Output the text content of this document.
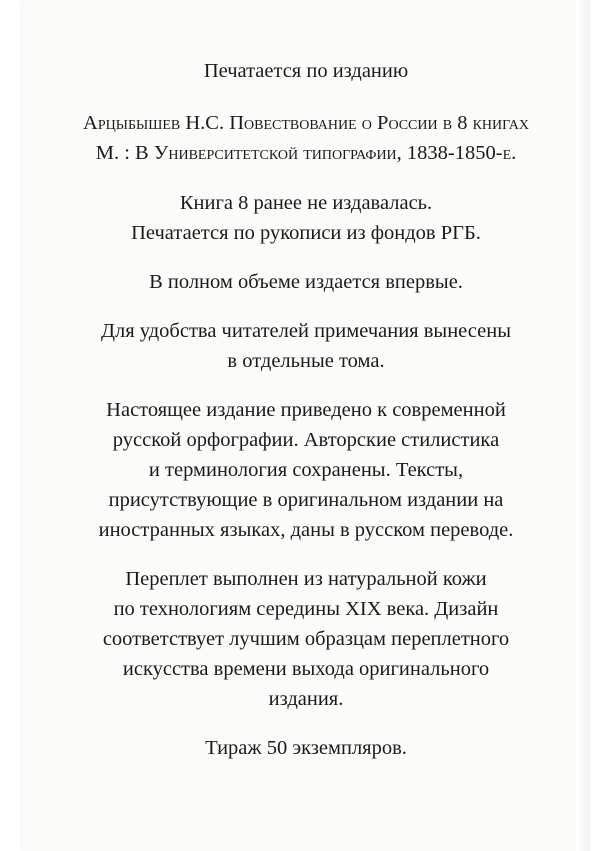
Печатается по изданию

Арцыбышев Н.С. Повествование о России в 8 книгах
М. : В Университетской типографии, 1838-1850-е.

Книга 8 ранее не издавалась.
Печатается по рукописи из фондов РГБ.

В полном объеме издается впервые.

Для удобства читателей примечания вынесены
в отдельные тома.

Настоящее издание приведено к современной
русской орфографии. Авторские стилистика
и терминология сохранены. Тексты,
присутствующие в оригинальном издании на
иностранных языках, даны в русском переводе.

Переплет выполнен из натуральной кожи
по технологиям середины XIX века. Дизайн
соответствует лучшим образцам переплетного
искусства времени выхода оригинального
издания.

Тираж 50 экземпляров.
